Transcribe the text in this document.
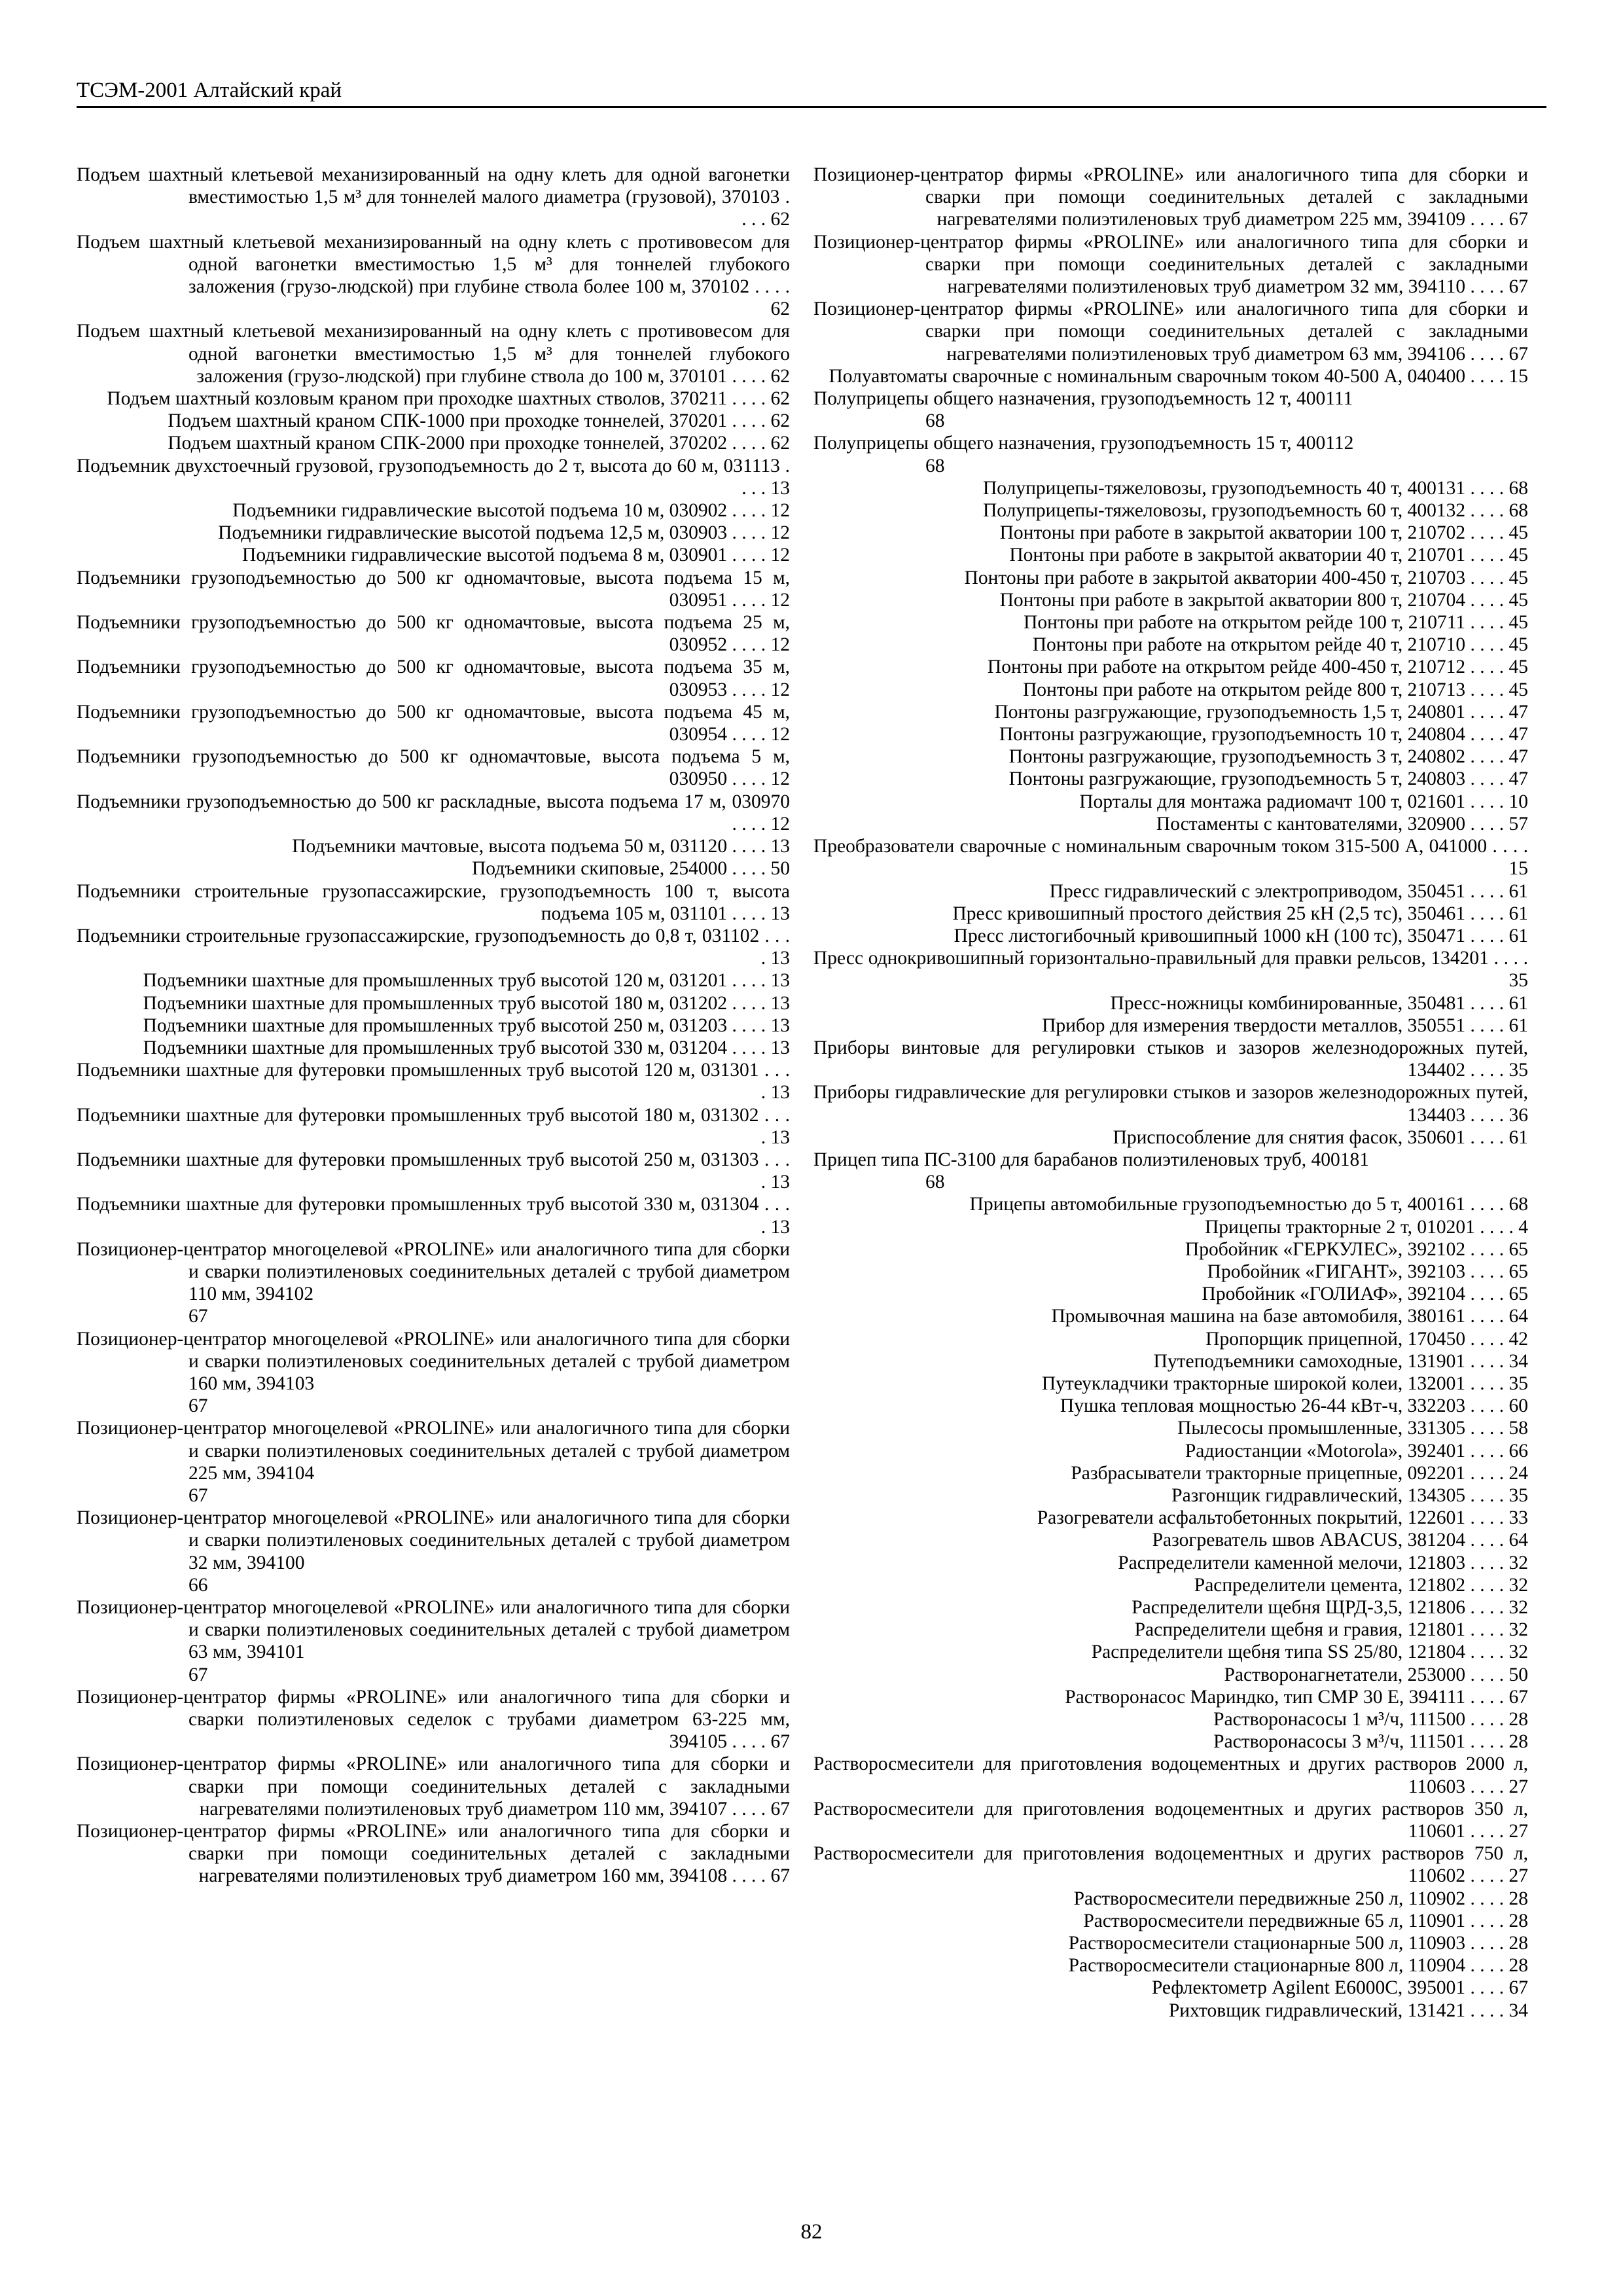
ТСЭМ-2001 Алтайский край

Подъем шахтный клетьевой механизированный на одну клеть для одной вагонетки вместимостью 1,5 м³ для тоннелей малого диаметра (грузовой), 370103 . . . . 62

Подъем шахтный клетьевой механизированный на одну клеть с противовесом для одной вагонетки вместимостью 1,5 м³ для тоннелей глубокого заложения (грузо-людской) при глубине ствола более 100 м, 370102 . . . . 62

Подъем шахтный клетьевой механизированный на одну клеть с противовесом для одной вагонетки вместимостью 1,5 м³ для тоннелей глубокого заложения (грузо-людской) при глубине ствола до 100 м, 370101 . . . . 62

Подъем шахтный козловым краном при проходке шахтных стволов, 370211 . . . . 62

Подъем шахтный краном СПК-1000 при проходке тоннелей, 370201 . . . . 62

Подъем шахтный краном СПК-2000 при проходке тоннелей, 370202 . . . . 62

Подъемник двухстоечный грузовой, грузоподъемность до 2 т, высота до 60 м, 031113 . . . . 13

Подъемники гидравлические высотой подъема 10 м, 030902 . . . . 12

Подъемники гидравлические высотой подъема 12,5 м, 030903 . . . . 12

Подъемники гидравлические высотой подъема 8 м, 030901 . . . . 12

Подъемники грузоподъемностью до 500 кг одномачтовые, высота подъема 15 м, 030951 . . . . 12

Подъемники грузоподъемностью до 500 кг одномачтовые, высота подъема 25 м, 030952 . . . . 12

Подъемники грузоподъемностью до 500 кг одномачтовые, высота подъема 35 м, 030953 . . . . 12

Подъемники грузоподъемностью до 500 кг одномачтовые, высота подъема 45 м, 030954 . . . . 12

Подъемники грузоподъемностью до 500 кг одномачтовые, высота подъема 5 м, 030950 . . . . 12

Подъемники грузоподъемностью до 500 кг раскладные, высота подъема 17 м, 030970 . . . . 12

Подъемники мачтовые, высота подъема 50 м, 031120 . . . . 13

Подъемники скиповые, 254000 . . . . 50

Подъемники строительные грузопассажирские, грузоподъемность 100 т, высота подъема 105 м, 031101 . . . . 13

Подъемники строительные грузопассажирские, грузоподъемность до 0,8 т, 031102 . . . . 13

Подъемники шахтные для промышленных труб высотой 120 м, 031201 . . . . 13

Подъемники шахтные для промышленных труб высотой 180 м, 031202 . . . . 13

Подъемники шахтные для промышленных труб высотой 250 м, 031203 . . . . 13

Подъемники шахтные для промышленных труб высотой 330 м, 031204 . . . . 13

Подъемники шахтные для футеровки промышленных труб высотой 120 м, 031301 . . . . 13

Подъемники шахтные для футеровки промышленных труб высотой 180 м, 031302 . . . . 13

Подъемники шахтные для футеровки промышленных труб высотой 250 м, 031303 . . . . 13

Подъемники шахтные для футеровки промышленных труб высотой 330 м, 031304 . . . . 13

Позиционер-центратор многоцелевой «PROLINE» или аналогичного типа для сборки и сварки полиэтиленовых соединительных деталей с трубой диаметром 110 мм, 394102
67

Позиционер-центратор многоцелевой «PROLINE» или аналогичного типа для сборки и сварки полиэтиленовых соединительных деталей с трубой диаметром 160 мм, 394103
67

Позиционер-центратор многоцелевой «PROLINE» или аналогичного типа для сборки и сварки полиэтиленовых соединительных деталей с трубой диаметром 225 мм, 394104
67

Позиционер-центратор многоцелевой «PROLINE» или аналогичного типа для сборки и сварки полиэтиленовых соединительных деталей с трубой диаметром 32 мм, 394100
66

Позиционер-центратор многоцелевой «PROLINE» или аналогичного типа для сборки и сварки полиэтиленовых соединительных деталей с трубой диаметром 63 мм, 394101
67

Позиционер-центратор фирмы «PROLINE» или аналогичного типа для сборки и сварки полиэтиленовых седелок с трубами диаметром 63-225 мм, 394105 . . . . 67

Позиционер-центратор фирмы «PROLINE» или аналогичного типа для сборки и сварки при помощи соединительных деталей с закладными нагревателями полиэтиленовых труб диаметром 110 мм, 394107 . . . . 67

Позиционер-центратор фирмы «PROLINE» или аналогичного типа для сборки и сварки при помощи соединительных деталей с закладными нагревателями полиэтиленовых труб диаметром 160 мм, 394108 . . . . 67

Позиционер-центратор фирмы «PROLINE» или аналогичного типа для сборки и сварки при помощи соединительных деталей с закладными нагревателями полиэтиленовых труб диаметром 225 мм, 394109 . . . . 67

Позиционер-центратор фирмы «PROLINE» или аналогичного типа для сборки и сварки при помощи соединительных деталей с закладными нагревателями полиэтиленовых труб диаметром 32 мм, 394110 . . . . 67

Позиционер-центратор фирмы «PROLINE» или аналогичного типа для сборки и сварки при помощи соединительных деталей с закладными нагревателями полиэтиленовых труб диаметром 63 мм, 394106 . . . . 67

Полуавтоматы сварочные с номинальным сварочным током 40-500 А, 040400 . . . . 15

Полуприцепы общего назначения, грузоподъемность 12 т, 400111
68

Полуприцепы общего назначения, грузоподъемность 15 т, 400112
68

Полуприцепы-тяжеловозы, грузоподъемность 40 т, 400131 . . . . 68

Полуприцепы-тяжеловозы, грузоподъемность 60 т, 400132 . . . . 68

Понтоны при работе в закрытой акватории 100 т, 210702 . . . . 45

Понтоны при работе в закрытой акватории 40 т, 210701 . . . . 45

Понтоны при работе в закрытой акватории 400-450 т, 210703 . . . . 45

Понтоны при работе в закрытой акватории 800 т, 210704 . . . . 45

Понтоны при работе на открытом рейде 100 т, 210711 . . . . 45

Понтоны при работе на открытом рейде 40 т, 210710 . . . . 45

Понтоны при работе на открытом рейде 400-450 т, 210712 . . . . 45

Понтоны при работе на открытом рейде 800 т, 210713 . . . . 45

Понтоны разгружающие, грузоподъемность 1,5 т, 240801 . . . . 47

Понтоны разгружающие, грузоподъемность 10 т, 240804 . . . . 47

Понтоны разгружающие, грузоподъемность 3 т, 240802 . . . . 47

Понтоны разгружающие, грузоподъемность 5 т, 240803 . . . . 47

Порталы для монтажа радиомачт 100 т, 021601 . . . . 10

Постаменты с кантователями, 320900 . . . . 57

Преобразователи сварочные с номинальным сварочным током 315-500 А, 041000 . . . . 15

Пресс гидравлический с электроприводом, 350451 . . . . 61

Пресс кривошипный простого действия 25 кН (2,5 тс), 350461 . . . . 61

Пресс листогибочный кривошипный 1000 кН (100 тс), 350471 . . . . 61

Пресс однокривошипный горизонтально-правильный для правки рельсов, 134201 . . . . 35

Пресс-ножницы комбинированные, 350481 . . . . 61

Прибор для измерения твердости металлов, 350551 . . . . 61

Приборы винтовые для регулировки стыков и зазоров железнодорожных путей, 134402 . . . . 35

Приборы гидравлические для регулировки стыков и зазоров железнодорожных путей, 134403 . . . . 36

Приспособление для снятия фасок, 350601 . . . . 61

Прицеп типа ПС-3100 для барабанов полиэтиленовых труб, 400181
68

Прицепы автомобильные грузоподъемностью до 5 т, 400161 . . . . 68

Прицепы тракторные 2 т, 010201 . . . . 4

Пробойник «ГЕРКУЛЕС», 392102 . . . . 65

Пробойник «ГИГАНТ», 392103 . . . . 65

Пробойник «ГОЛИАФ», 392104 . . . . 65

Промывочная машина на базе автомобиля, 380161 . . . . 64

Пропорщик прицепной, 170450 . . . . 42

Путеподъемники самоходные, 131901 . . . . 34

Путеукладчики тракторные широкой колеи, 132001 . . . . 35

Пушка тепловая мощностью 26-44 кВт-ч, 332203 . . . . 60

Пылесосы промышленные, 331305 . . . . 58

Радиостанции «Motorola», 392401 . . . . 66

Разбрасыватели тракторные прицепные, 092201 . . . . 24

Разгонщик гидравлический, 134305 . . . . 35

Разогреватели асфальтобетонных покрытий, 122601 . . . . 33

Разогреватель швов ABACUS, 381204 . . . . 64

Распределители каменной мелочи, 121803 . . . . 32

Распределители цемента, 121802 . . . . 32

Распределители щебня ЩРД-3,5, 121806 . . . . 32

Распределители щебня и гравия, 121801 . . . . 32

Распределители щебня типа SS 25/80, 121804 . . . . 32

Растворонагнетатели, 253000 . . . . 50

Растворонасос Мариндко, тип СМР 30 Е, 394111 . . . . 67

Растворонасосы 1 м³/ч, 111500 . . . . 28

Растворонасосы 3 м³/ч, 111501 . . . . 28

Растворосмесители для приготовления водоцементных и других растворов 2000 л, 110603 . . . . 27

Растворосмесители для приготовления водоцементных и других растворов 350 л, 110601 . . . . 27

Растворосмесители для приготовления водоцементных и других растворов 750 л, 110602 . . . . 27

Растворосмесители передвижные 250 л, 110902 . . . . 28

Растворосмесители передвижные 65 л, 110901 . . . . 28

Растворосмесители стационарные 500 л, 110903 . . . . 28

Растворосмесители стационарные 800 л, 110904 . . . . 28

Рефлектометр Agilent E6000C, 395001 . . . . 67

Рихтовщик гидравлический, 131421 . . . . 34

82
